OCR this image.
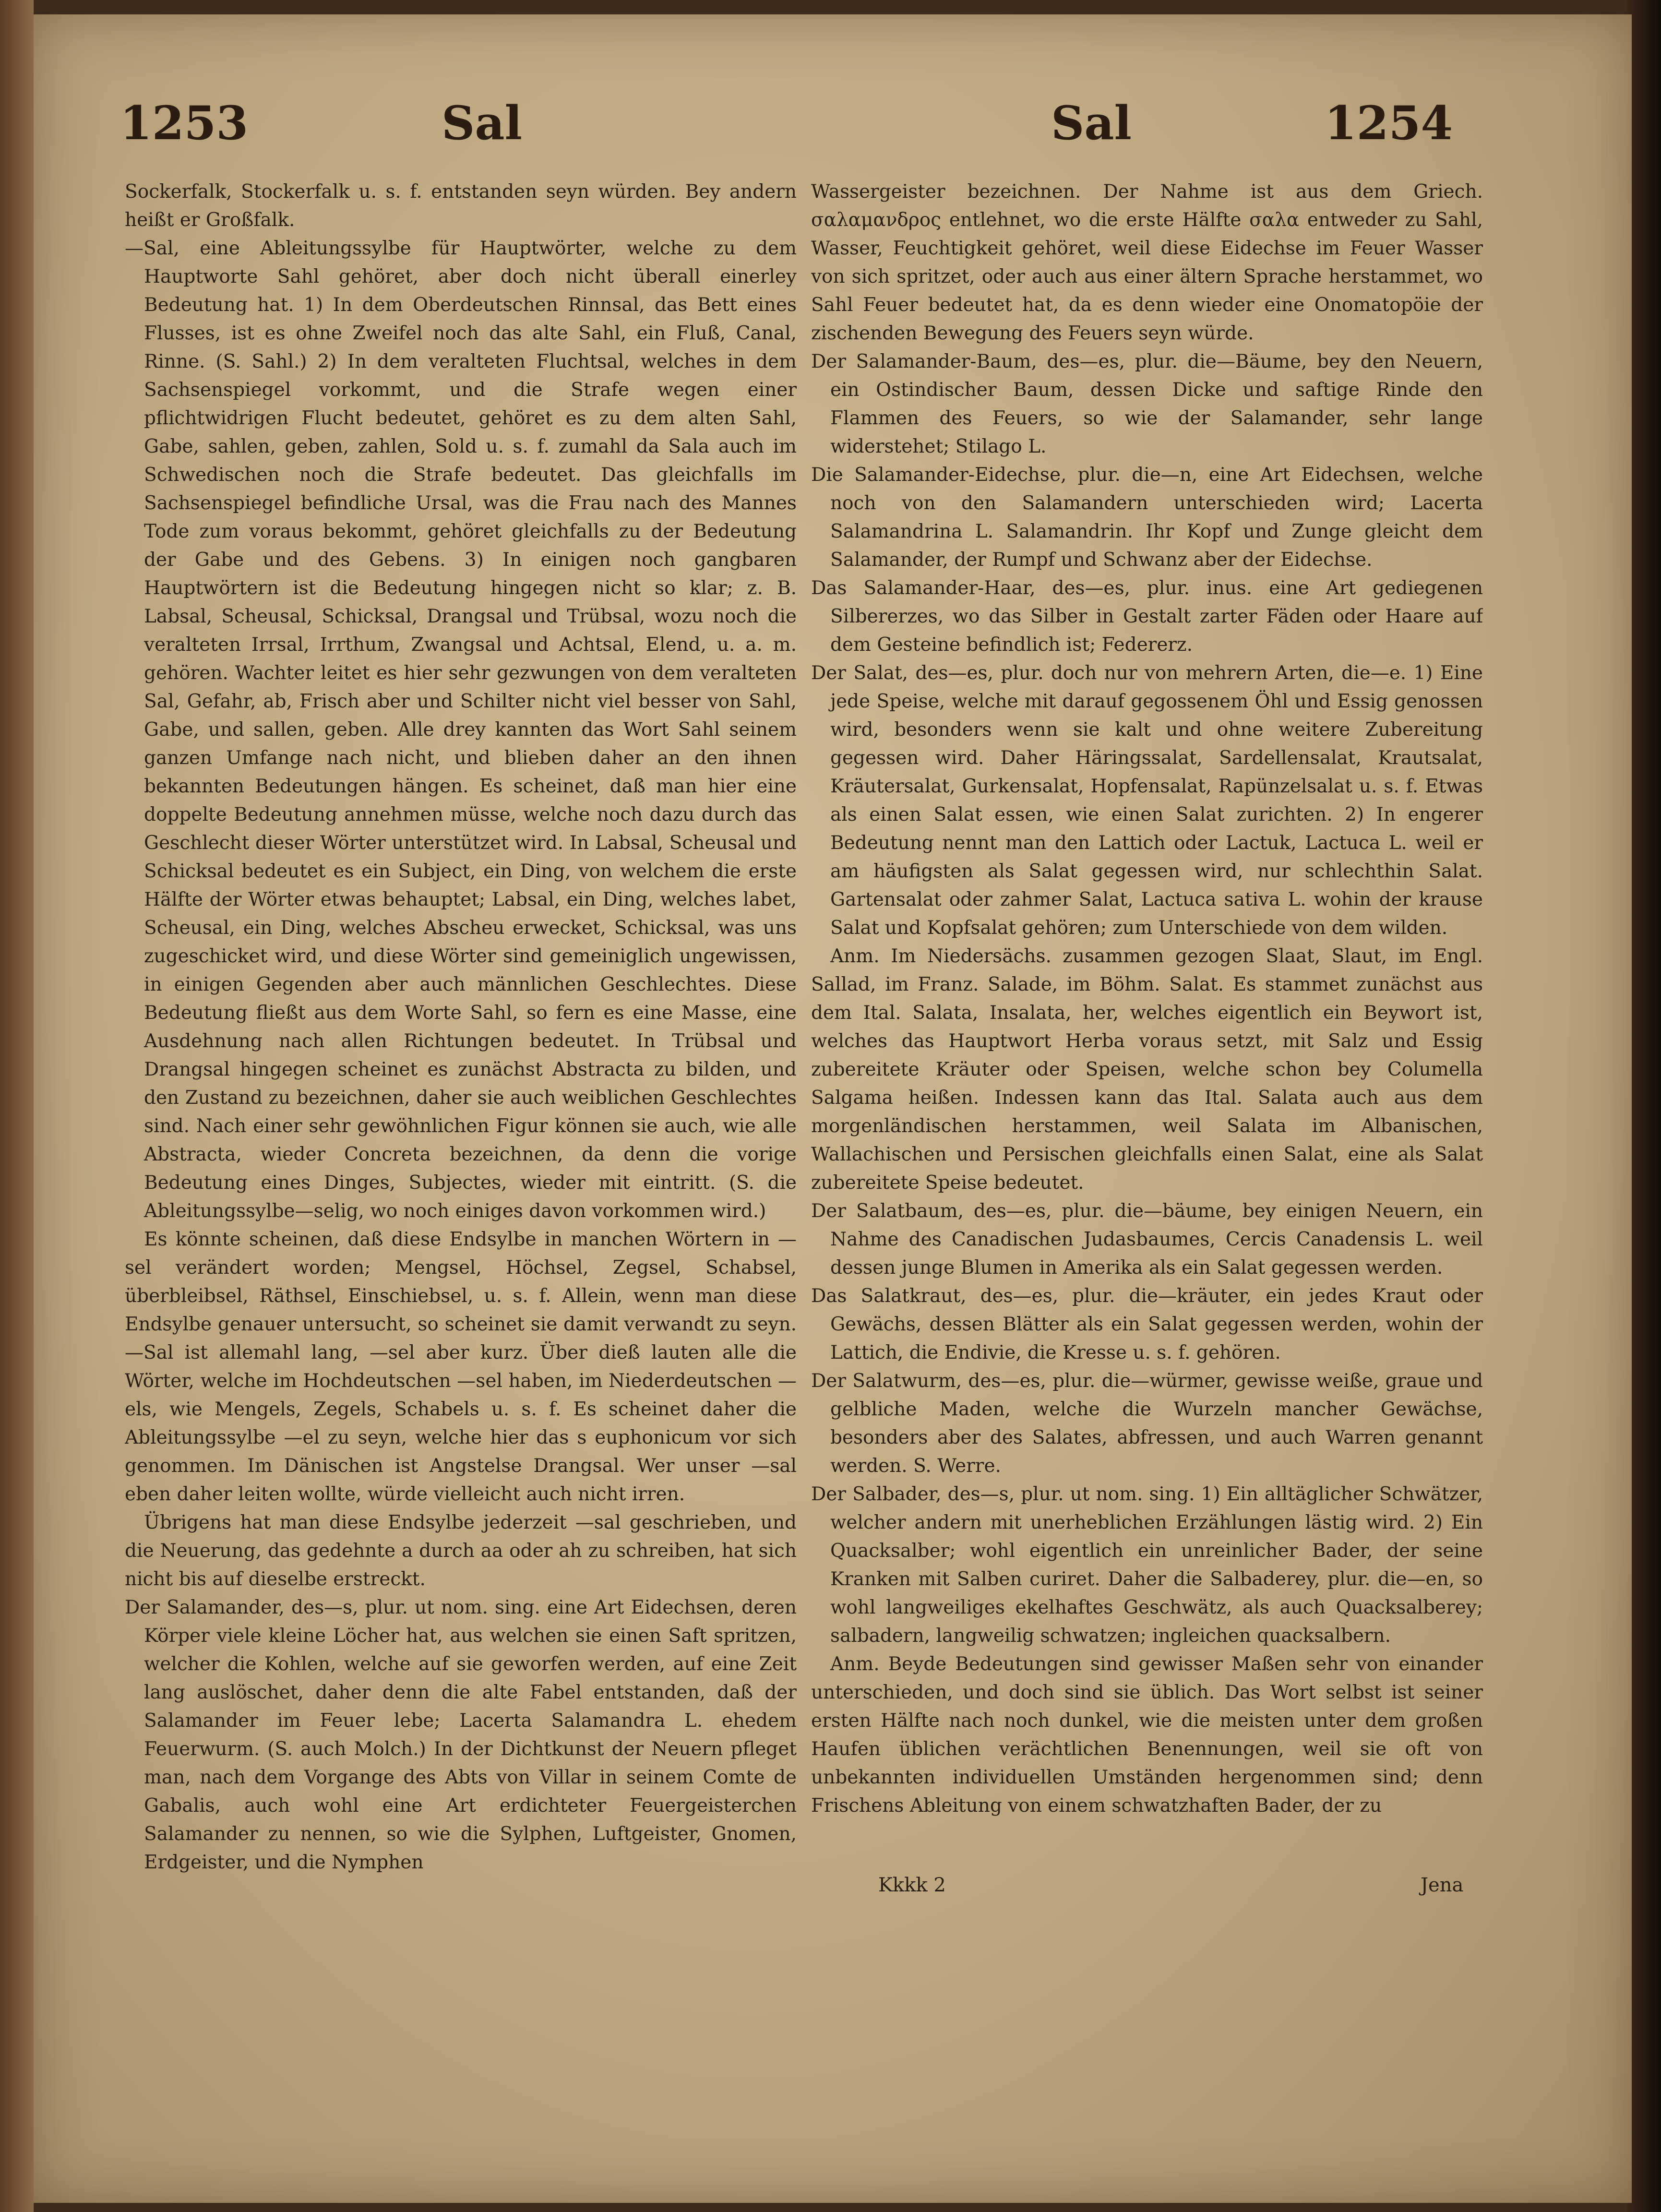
1253	Sal	Sal	1254

Sockerfalk, Stockerfalk u. s. f. entstanden seyn würden. Bey andern heißt er Großfalk.

—Sal, eine Ableitungssylbe für Hauptwörter, welche zu dem Hauptworte Sahl gehöret, aber doch nicht überall einerley Bedeutung hat. 1) In dem Oberdeutschen Rinnsal, das Bett eines Flusses, ist es ohne Zweifel noch das alte Sahl, ein Fluß, Canal, Rinne. (S. Sahl.) 2) In dem veralteten Fluchtsal, welches in dem Sachsenspiegel vorkommt, und die Strafe wegen einer pflichtwidrigen Flucht bedeutet, gehöret es zu dem alten Sahl, Gabe, sahlen, geben, zahlen, Sold u. s. f. zumahl da Sala auch im Schwedischen noch die Strafe bedeutet. Das gleichfalls im Sachsenspiegel befindliche Ursal, was die Frau nach des Mannes Tode zum voraus bekommt, gehöret gleichfalls zu der Bedeutung der Gabe und des Gebens. 3) In einigen noch gangbaren Hauptwörtern ist die Bedeutung hingegen nicht so klar; z. B. Labsal, Scheusal, Schicksal, Drangsal und Trübsal, wozu noch die veralteten Irrsal, Irrthum, Zwangsal und Achtsal, Elend, u. a. m. gehören. Wachter leitet es hier sehr gezwungen von dem veralteten Sal, Gefahr, ab, Frisch aber und Schilter nicht viel besser von Sahl, Gabe, und sallen, geben. Alle drey kannten das Wort Sahl seinem ganzen Umfange nach nicht, und blieben daher an den ihnen bekannten Bedeutungen hängen. Es scheinet, daß man hier eine doppelte Bedeutung annehmen müsse, welche noch dazu durch das Geschlecht dieser Wörter unterstützet wird. In Labsal, Scheusal und Schicksal bedeutet es ein Subject, ein Ding, von welchem die erste Hälfte der Wörter etwas behauptet; Labsal, ein Ding, welches labet, Scheusal, ein Ding, welches Abscheu erwecket, Schicksal, was uns zugeschicket wird, und diese Wörter sind gemeiniglich ungewissen, in einigen Gegenden aber auch männlichen Geschlechtes. Diese Bedeutung fließt aus dem Worte Sahl, so fern es eine Masse, eine Ausdehnung nach allen Richtungen bedeutet. In Trübsal und Drangsal hingegen scheinet es zunächst Abstracta zu bilden, und den Zustand zu bezeichnen, daher sie auch weiblichen Geschlechtes sind. Nach einer sehr gewöhnlichen Figur können sie auch, wie alle Abstracta, wieder Concreta bezeichnen, da denn die vorige Bedeutung eines Dinges, Subjectes, wieder mit eintritt. (S. die Ableitungssylbe—selig, wo noch einiges davon vorkommen wird.)

Es könnte scheinen, daß diese Endsylbe in manchen Wörtern in —sel verändert worden; Mengsel, Höchsel, Zegsel, Schabsel, überbleibsel, Räthsel, Einschiebsel, u. s. f. Allein, wenn man diese Endsylbe genauer untersucht, so scheinet sie damit verwandt zu seyn. —Sal ist allemahl lang, —sel aber kurz. Über dieß lauten alle die Wörter, welche im Hochdeutschen —sel haben, im Niederdeutschen —els, wie Mengels, Zegels, Schabels u. s. f. Es scheinet daher die Ableitungssylbe —el zu seyn, welche hier das s euphonicum vor sich genommen. Im Dänischen ist Angstelse Drangsal. Wer unser —sal eben daher leiten wollte, würde vielleicht auch nicht irren.

Übrigens hat man diese Endsylbe jederzeit —sal geschrieben, und die Neuerung, das gedehnte a durch aa oder ah zu schreiben, hat sich nicht bis auf dieselbe erstreckt.

Der Salamander, des—s, plur. ut nom. sing. eine Art Eidechsen, deren Körper viele kleine Löcher hat, aus welchen sie einen Saft spritzen, welcher die Kohlen, welche auf sie geworfen werden, auf eine Zeit lang auslöschet, daher denn die alte Fabel entstanden, daß der Salamander im Feuer lebe; Lacerta Salamandra L. ehedem Feuerwurm. (S. auch Molch.) In der Dichtkunst der Neuern pfleget man, nach dem Vorgange des Abts von Villar in seinem Comte de Gabalis, auch wohl eine Art erdichteter Feuergeisterchen Salamander zu nennen, so wie die Sylphen, Luftgeister, Gnomen, Erdgeister, und die Nymphen

Wassergeister bezeichnen. Der Nahme ist aus dem Griech. σαλαμανδρος entlehnet, wo die erste Hälfte σαλα entweder zu Sahl, Wasser, Feuchtigkeit gehöret, weil diese Eidechse im Feuer Wasser von sich spritzet, oder auch aus einer ältern Sprache herstammet, wo Sahl Feuer bedeutet hat, da es denn wieder eine Onomatopöie der zischenden Bewegung des Feuers seyn würde.

Der Salamander-Baum, des—es, plur. die—Bäume, bey den Neuern, ein Ostindischer Baum, dessen Dicke und saftige Rinde den Flammen des Feuers, so wie der Salamander, sehr lange widerstehet; Stilago L.

Die Salamander-Eidechse, plur. die—n, eine Art Eidechsen, welche noch von den Salamandern unterschieden wird; Lacerta Salamandrina L. Salamandrin. Ihr Kopf und Zunge gleicht dem Salamander, der Rumpf und Schwanz aber der Eidechse.

Das Salamander-Haar, des—es, plur. inus. eine Art gediegenen Silbererzes, wo das Silber in Gestalt zarter Fäden oder Haare auf dem Gesteine befindlich ist; Federerz.

Der Salat, des—es, plur. doch nur von mehrern Arten, die—e. 1) Eine jede Speise, welche mit darauf gegossenem Öhl und Essig genossen wird, besonders wenn sie kalt und ohne weitere Zubereitung gegessen wird. Daher Häringssalat, Sardellensalat, Krautsalat, Kräutersalat, Gurkensalat, Hopfensalat, Rapünzelsalat u. s. f. Etwas als einen Salat essen, wie einen Salat zurichten. 2) In engerer Bedeutung nennt man den Lattich oder Lactuk, Lactuca L. weil er am häufigsten als Salat gegessen wird, nur schlechthin Salat. Gartensalat oder zahmer Salat, Lactuca sativa L. wohin der krause Salat und Kopfsalat gehören; zum Unterschiede von dem wilden.

Anm. Im Niedersächs. zusammen gezogen Slaat, Slaut, im Engl. Sallad, im Franz. Salade, im Böhm. Salat. Es stammet zunächst aus dem Ital. Salata, Insalata, her, welches eigentlich ein Beywort ist, welches das Hauptwort Herba voraus setzt, mit Salz und Essig zubereitete Kräuter oder Speisen, welche schon bey Columella Salgama heißen. Indessen kann das Ital. Salata auch aus dem morgenländischen herstammen, weil Salata im Albanischen, Wallachischen und Persischen gleichfalls einen Salat, eine als Salat zubereitete Speise bedeutet.

Der Salatbaum, des—es, plur. die—bäume, bey einigen Neuern, ein Nahme des Canadischen Judasbaumes, Cercis Canadensis L. weil dessen junge Blumen in Amerika als ein Salat gegessen werden.

Das Salatkraut, des—es, plur. die—kräuter, ein jedes Kraut oder Gewächs, dessen Blätter als ein Salat gegessen werden, wohin der Lattich, die Endivie, die Kresse u. s. f. gehören.

Der Salatwurm, des—es, plur. die—würmer, gewisse weiße, graue und gelbliche Maden, welche die Wurzeln mancher Gewächse, besonders aber des Salates, abfressen, und auch Warren genannt werden. S. Werre.

Der Salbader, des—s, plur. ut nom. sing. 1) Ein alltäglicher Schwätzer, welcher andern mit unerheblichen Erzählungen lästig wird. 2) Ein Quacksalber; wohl eigentlich ein unreinlicher Bader, der seine Kranken mit Salben curiret. Daher die Salbaderey, plur. die—en, so wohl langweiliges ekelhaftes Geschwätz, als auch Quacksalberey; salbadern, langweilig schwatzen; ingleichen quacksalbern.

Anm. Beyde Bedeutungen sind gewisser Maßen sehr von einander unterschieden, und doch sind sie üblich. Das Wort selbst ist seiner ersten Hälfte nach noch dunkel, wie die meisten unter dem großen Haufen üblichen verächtlichen Benennungen, weil sie oft von unbekannten individuellen Umständen hergenommen sind; denn Frischens Ableitung von einem schwatzhaften Bader, der zu

Kkkk 2	Jena
